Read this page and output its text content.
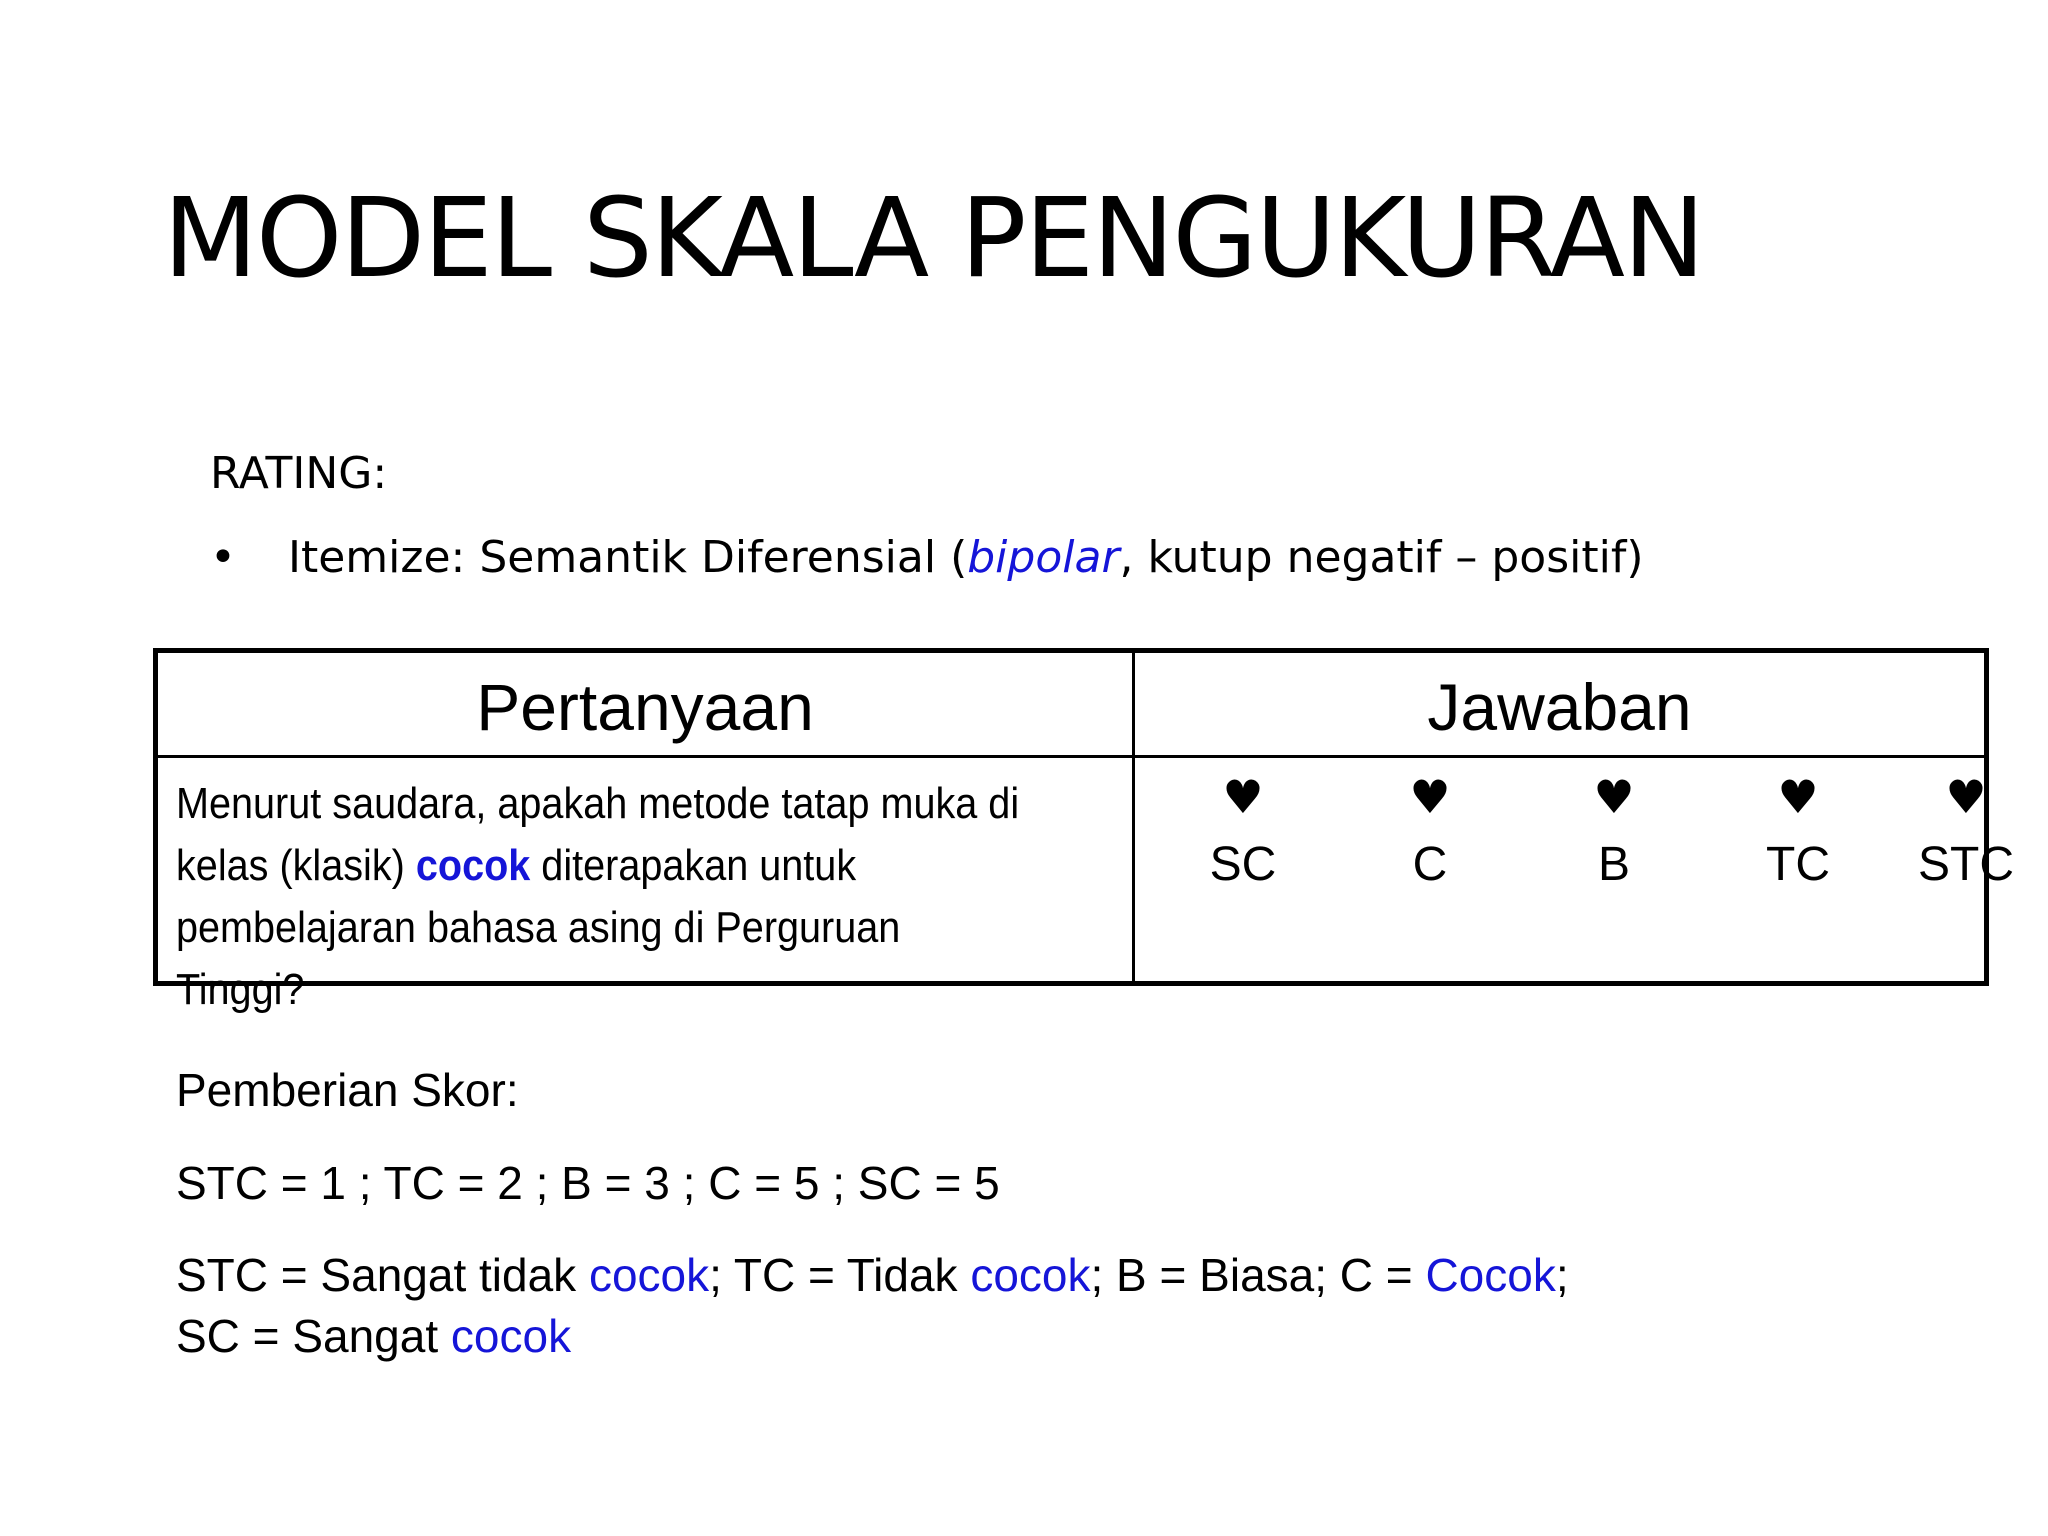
MODEL SKALA PENGUKURAN
RATING:
• Itemize: Semantik Diferensial (bipolar, kutup negatif – positif)
Pertanyaan	Jawaban
Menurut saudara, apakah metode tatap muka di
kelas (klasik) cocok diterapakan untuk
pembelajaran bahasa asing di Perguruan Tinggi?
♥
SC
♥
C
♥
B
♥
TC
♥
STC
Pemberian Skor:
STC = 1 ; TC = 2 ; B = 3 ; C = 5 ; SC = 5
STC = Sangat tidak cocok; TC = Tidak cocok; B = Biasa; C = Cocok;
SC = Sangat cocok
